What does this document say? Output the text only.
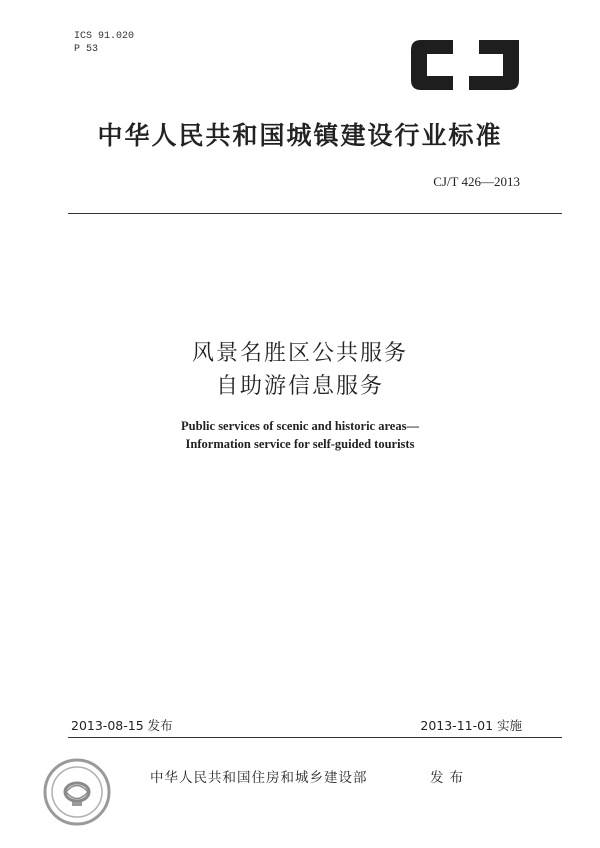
ICS 91.020
P 53
中华人民共和国城镇建设行业标准
CJ/T 426—2013
风景名胜区公共服务
自助游信息服务
Public services of scenic and historic areas—
Information service for self-guided tourists
2013-08-15 发布	2013-11-01 实施
中华人民共和国住房和城乡建设部	发布
